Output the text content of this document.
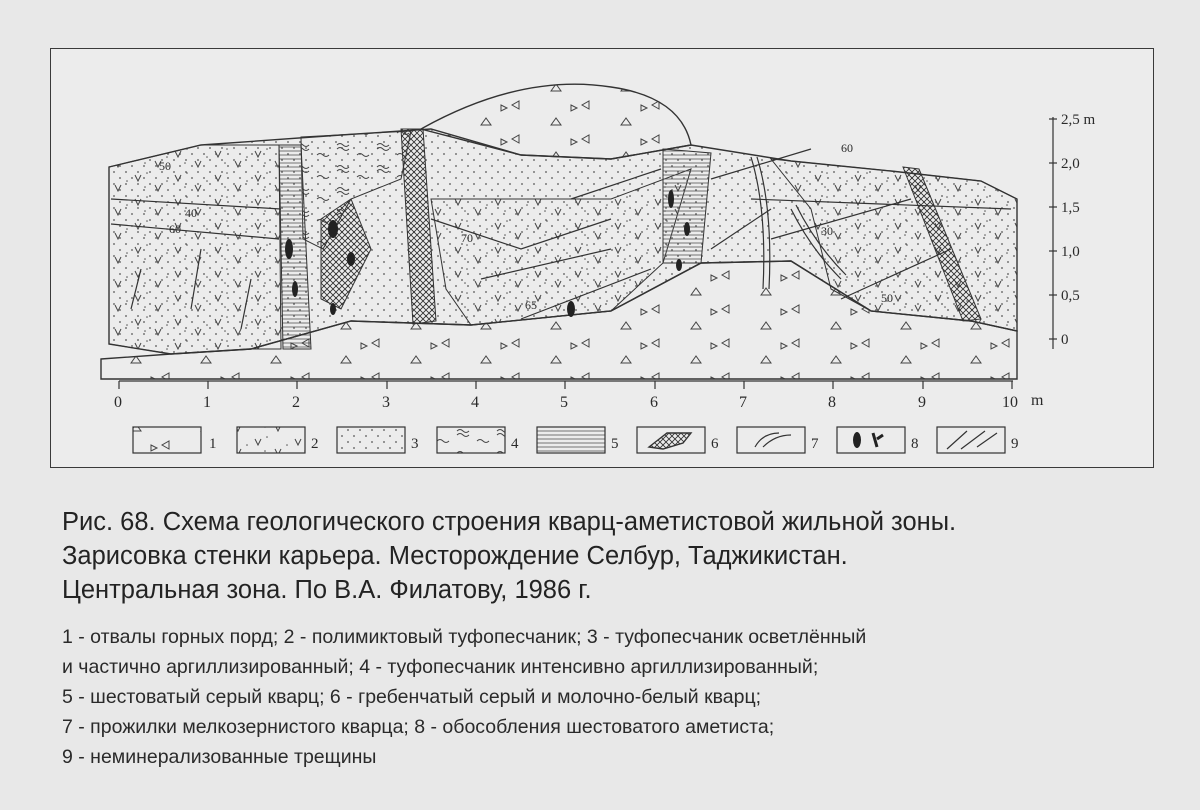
50
40
60
70
65
60
30
50
2,5 m
2,0
1,5
1,0
0,5
0
0	1	2	3	4	5	6	7	8	9	10 m
1	2	3	4	5	6	7	8	9
Рис. 68. Схема геологического строения кварц-аметистовой жильной зоны.
Зарисовка стенки карьера. Месторождение Селбур, Таджикистан.
Центральная зона. По В.А. Филатову, 1986 г.
1 - отвалы горных порд; 2 - полимиктовый туфопесчаник; 3 - туфопесчаник осветлённый
и частично аргиллизированный; 4 - туфопесчаник интенсивно аргиллизированный;
5 - шестоватый серый кварц; 6 - гребенчатый серый и молочно-белый кварц;
7 - прожилки мелкозернистого кварца; 8 - обособления шестоватого аметиста;
9 - неминерализованные трещины
